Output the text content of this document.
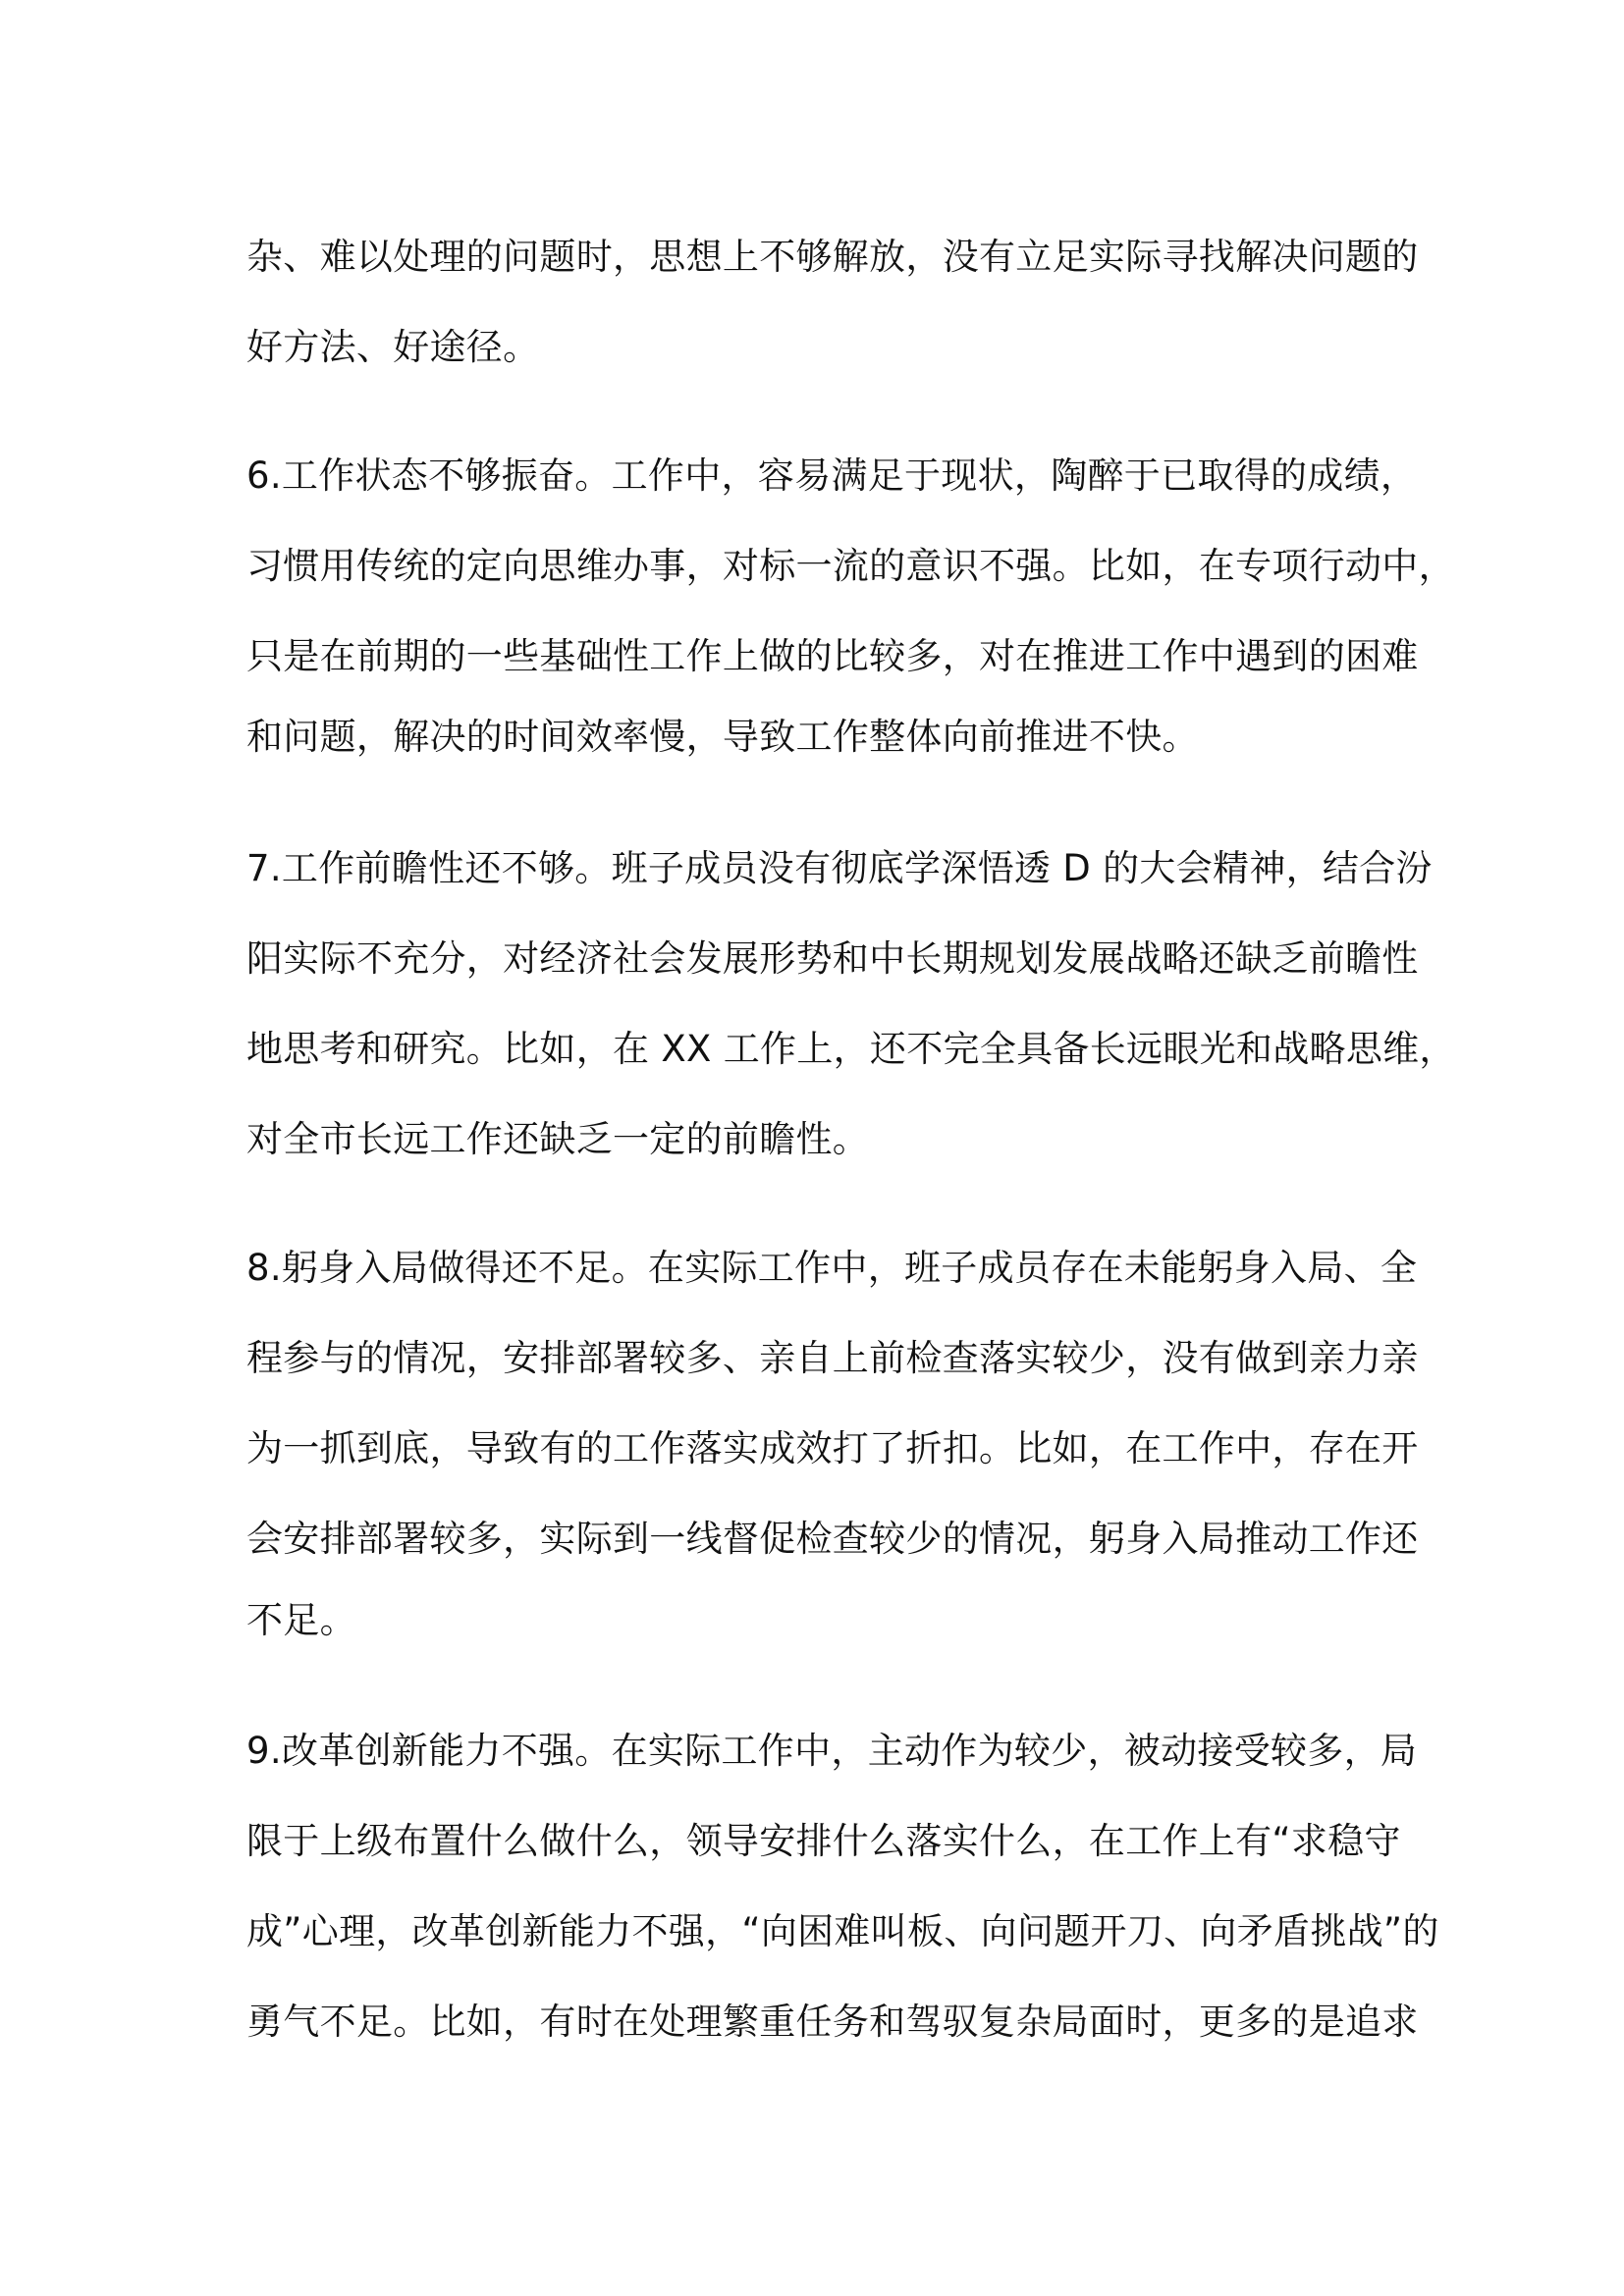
杂、难以处理的问题时，思想上不够解放，没有立足实际寻找解决问题的

好方法、好途径。

6.工作状态不够振奋。工作中，容易满足于现状，陶醉于已取得的成绩，

习惯用传统的定向思维办事，对标一流的意识不强。比如，在专项行动中，

只是在前期的一些基础性工作上做的比较多，对在推进工作中遇到的困难

和问题，解决的时间效率慢，导致工作整体向前推进不快。

7.工作前瞻性还不够。班子成员没有彻底学深悟透 D 的大会精神，结合汾

阳实际不充分，对经济社会发展形势和中长期规划发展战略还缺乏前瞻性

地思考和研究。比如，在 XX 工作上，还不完全具备长远眼光和战略思维，

对全市长远工作还缺乏一定的前瞻性。

8.躬身入局做得还不足。在实际工作中，班子成员存在未能躬身入局、全

程参与的情况，安排部署较多、亲自上前检查落实较少，没有做到亲力亲

为一抓到底，导致有的工作落实成效打了折扣。比如，在工作中，存在开

会安排部署较多，实际到一线督促检查较少的情况，躬身入局推动工作还

不足。

9.改革创新能力不强。在实际工作中，主动作为较少，被动接受较多，局

限于上级布置什么做什么，领导安排什么落实什么，在工作上有“求稳守

成”心理，改革创新能力不强，“向困难叫板、向问题开刀、向矛盾挑战”的

勇气不足。比如，有时在处理繁重任务和驾驭复杂局面时，更多的是追求
